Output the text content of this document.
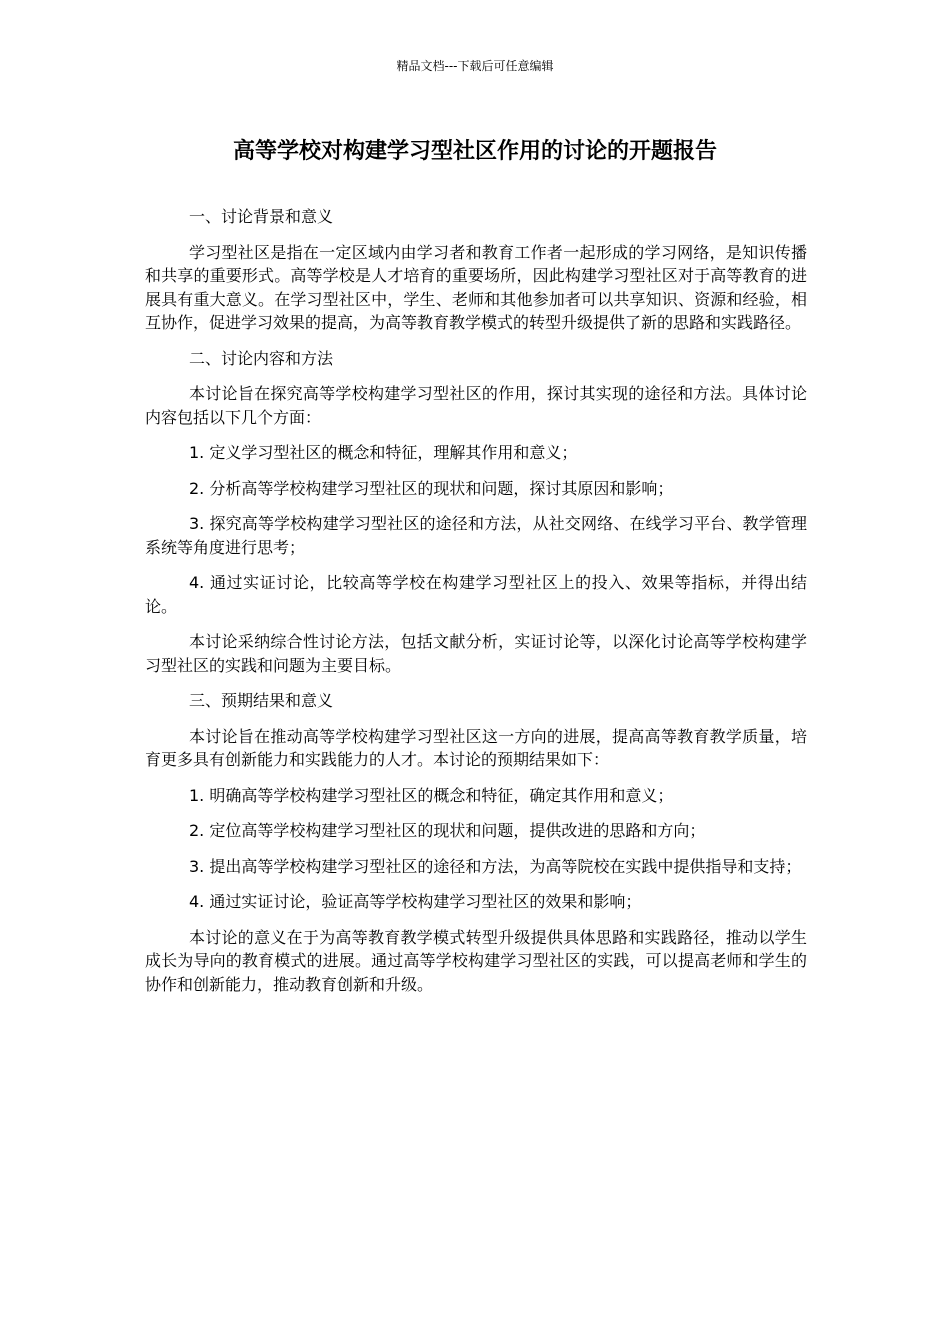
精品文档---下载后可任意编辑
高等学校对构建学习型社区作用的讨论的开题报告

一、讨论背景和意义

学习型社区是指在一定区域内由学习者和教育工作者一起形成的学习网络，是知识传播和共享的重要形式。高等学校是人才培育的重要场所，因此构建学习型社区对于高等教育的进展具有重大意义。在学习型社区中，学生、老师和其他参加者可以共享知识、资源和经验，相互协作，促进学习效果的提高，为高等教育教学模式的转型升级提供了新的思路和实践路径。

二、讨论内容和方法

本讨论旨在探究高等学校构建学习型社区的作用，探讨其实现的途径和方法。具体讨论内容包括以下几个方面：

1. 定义学习型社区的概念和特征，理解其作用和意义；

2. 分析高等学校构建学习型社区的现状和问题，探讨其原因和影响；

3. 探究高等学校构建学习型社区的途径和方法，从社交网络、在线学习平台、教学管理系统等角度进行思考；

4. 通过实证讨论，比较高等学校在构建学习型社区上的投入、效果等指标，并得出结论。

本讨论采纳综合性讨论方法，包括文献分析，实证讨论等，以深化讨论高等学校构建学习型社区的实践和问题为主要目标。

三、预期结果和意义

本讨论旨在推动高等学校构建学习型社区这一方向的进展，提高高等教育教学质量，培育更多具有创新能力和实践能力的人才。本讨论的预期结果如下：

1. 明确高等学校构建学习型社区的概念和特征，确定其作用和意义；

2. 定位高等学校构建学习型社区的现状和问题，提供改进的思路和方向；

3. 提出高等学校构建学习型社区的途径和方法，为高等院校在实践中提供指导和支持；

4. 通过实证讨论，验证高等学校构建学习型社区的效果和影响；

本讨论的意义在于为高等教育教学模式转型升级提供具体思路和实践路径，推动以学生成长为导向的教育模式的进展。通过高等学校构建学习型社区的实践，可以提高老师和学生的协作和创新能力，推动教育创新和升级。
